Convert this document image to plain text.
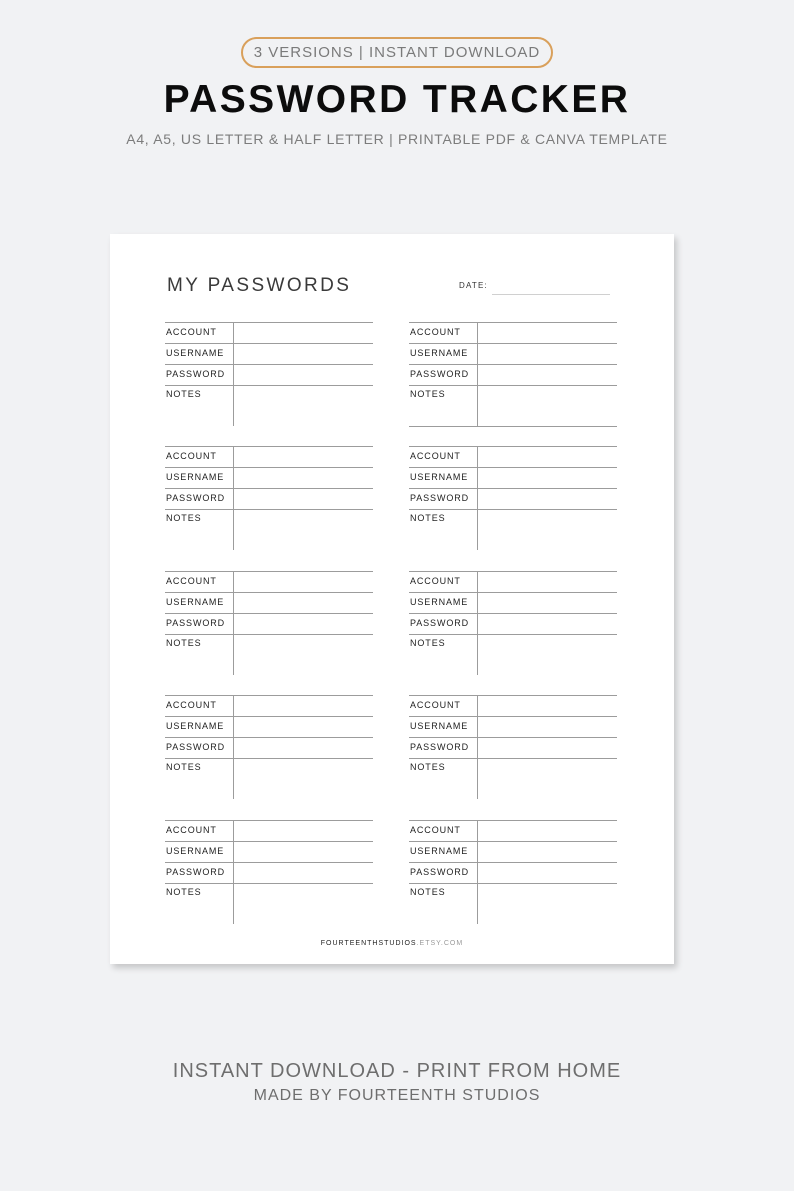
3 VERSIONS | INSTANT DOWNLOAD
PASSWORD TRACKER
A4, A5, US LETTER & HALF LETTER | PRINTABLE PDF & CANVA TEMPLATE
MY PASSWORDS	DATE:
ACCOUNT
USERNAME
PASSWORD
NOTES
ACCOUNT
USERNAME
PASSWORD
NOTES
ACCOUNT
USERNAME
PASSWORD
NOTES
ACCOUNT
USERNAME
PASSWORD
NOTES
ACCOUNT
USERNAME
PASSWORD
NOTES
ACCOUNT
USERNAME
PASSWORD
NOTES
ACCOUNT
USERNAME
PASSWORD
NOTES
ACCOUNT
USERNAME
PASSWORD
NOTES
ACCOUNT
USERNAME
PASSWORD
NOTES
ACCOUNT
USERNAME
PASSWORD
NOTES
FOURTEENTHSTUDIOS.ETSY.COM
INSTANT DOWNLOAD - PRINT FROM HOME
MADE BY FOURTEENTH STUDIOS
